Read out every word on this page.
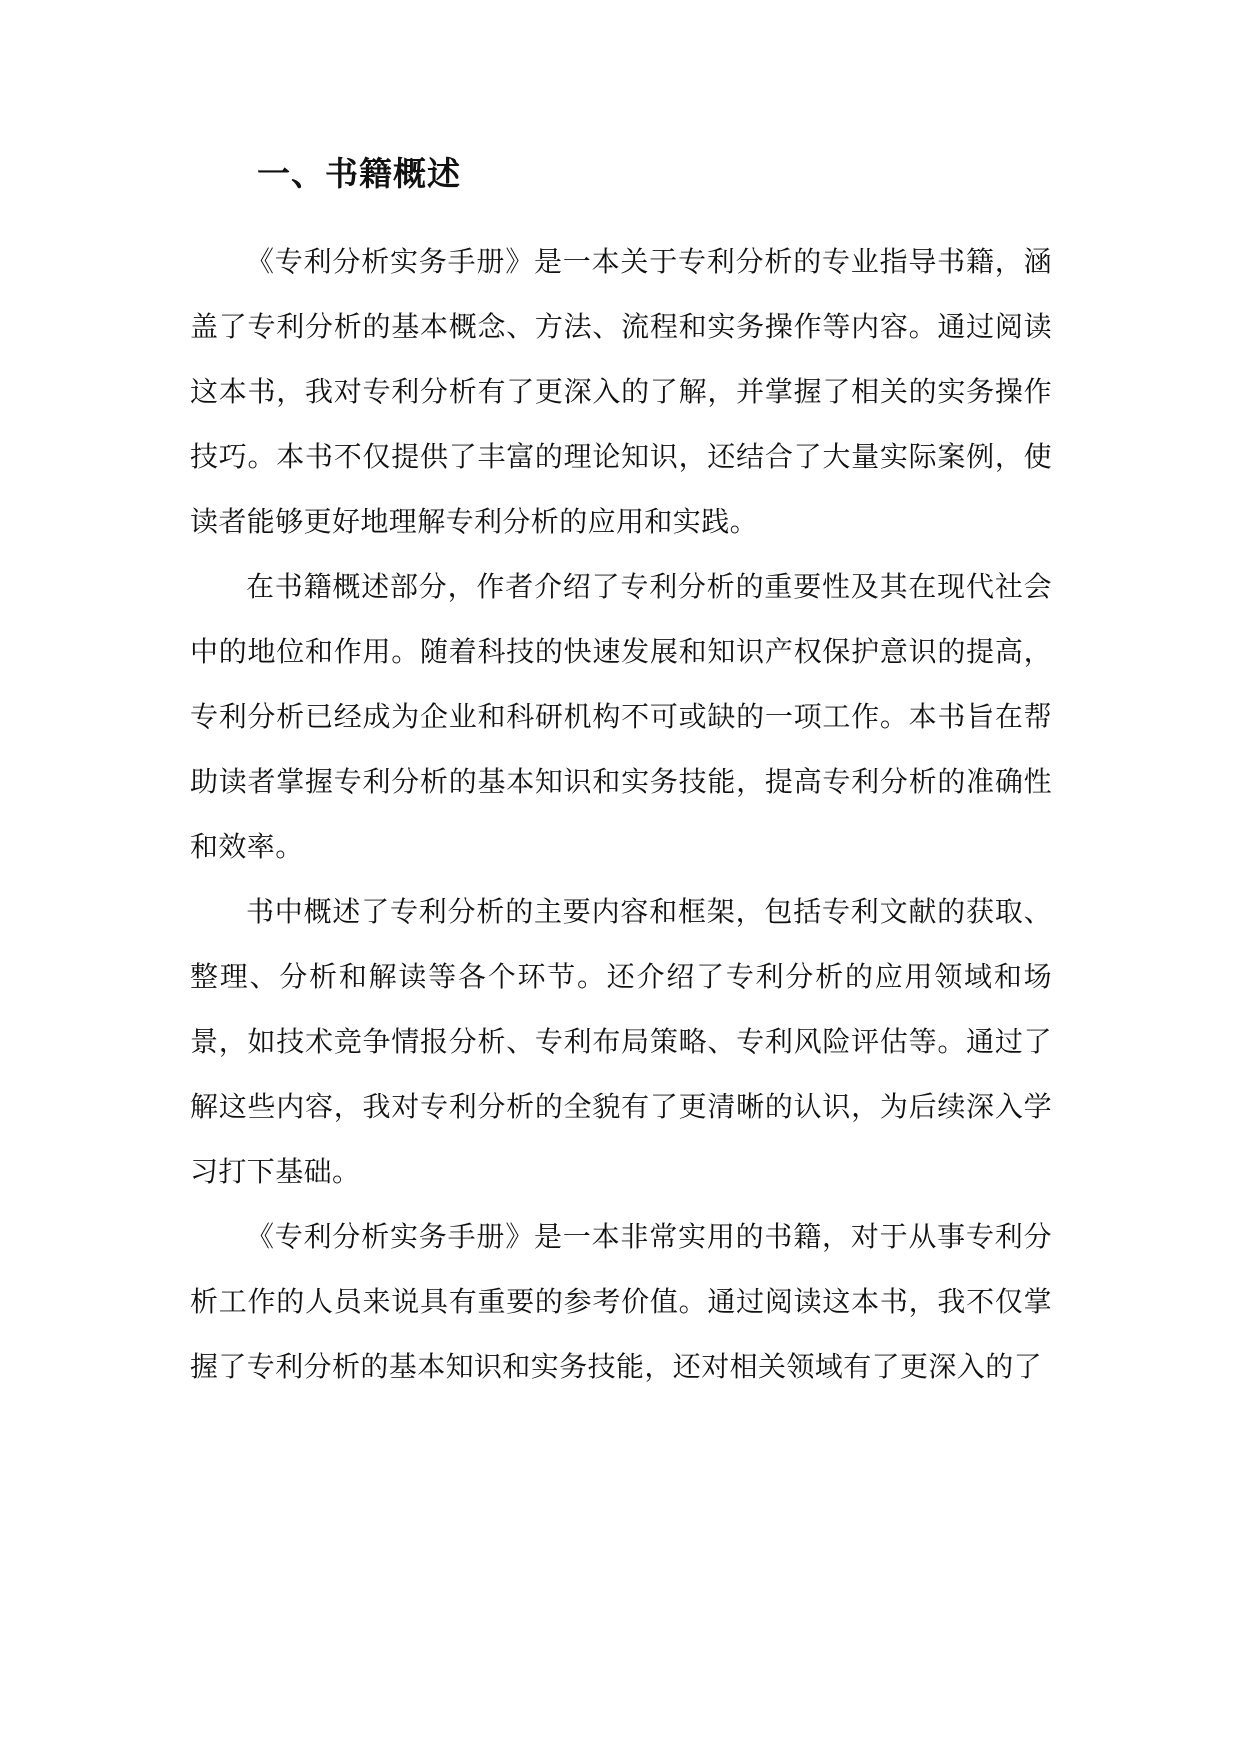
一、书籍概述

《专利分析实务手册》是一本关于专利分析的专业指导书籍，涵盖了专利分析的基本概念、方法、流程和实务操作等内容。通过阅读这本书，我对专利分析有了更深入的了解，并掌握了相关的实务操作技巧。本书不仅提供了丰富的理论知识，还结合了大量实际案例，使读者能够更好地理解专利分析的应用和实践。

在书籍概述部分，作者介绍了专利分析的重要性及其在现代社会中的地位和作用。随着科技的快速发展和知识产权保护意识的提高，专利分析已经成为企业和科研机构不可或缺的一项工作。本书旨在帮助读者掌握专利分析的基本知识和实务技能，提高专利分析的准确性和效率。

书中概述了专利分析的主要内容和框架，包括专利文献的获取、整理、分析和解读等各个环节。还介绍了专利分析的应用领域和场景，如技术竞争情报分析、专利布局策略、专利风险评估等。通过了解这些内容，我对专利分析的全貌有了更清晰的认识，为后续深入学习打下基础。

《专利分析实务手册》是一本非常实用的书籍，对于从事专利分析工作的人员来说具有重要的参考价值。通过阅读这本书，我不仅掌握了专利分析的基本知识和实务技能，还对相关领域有了更深入的了
